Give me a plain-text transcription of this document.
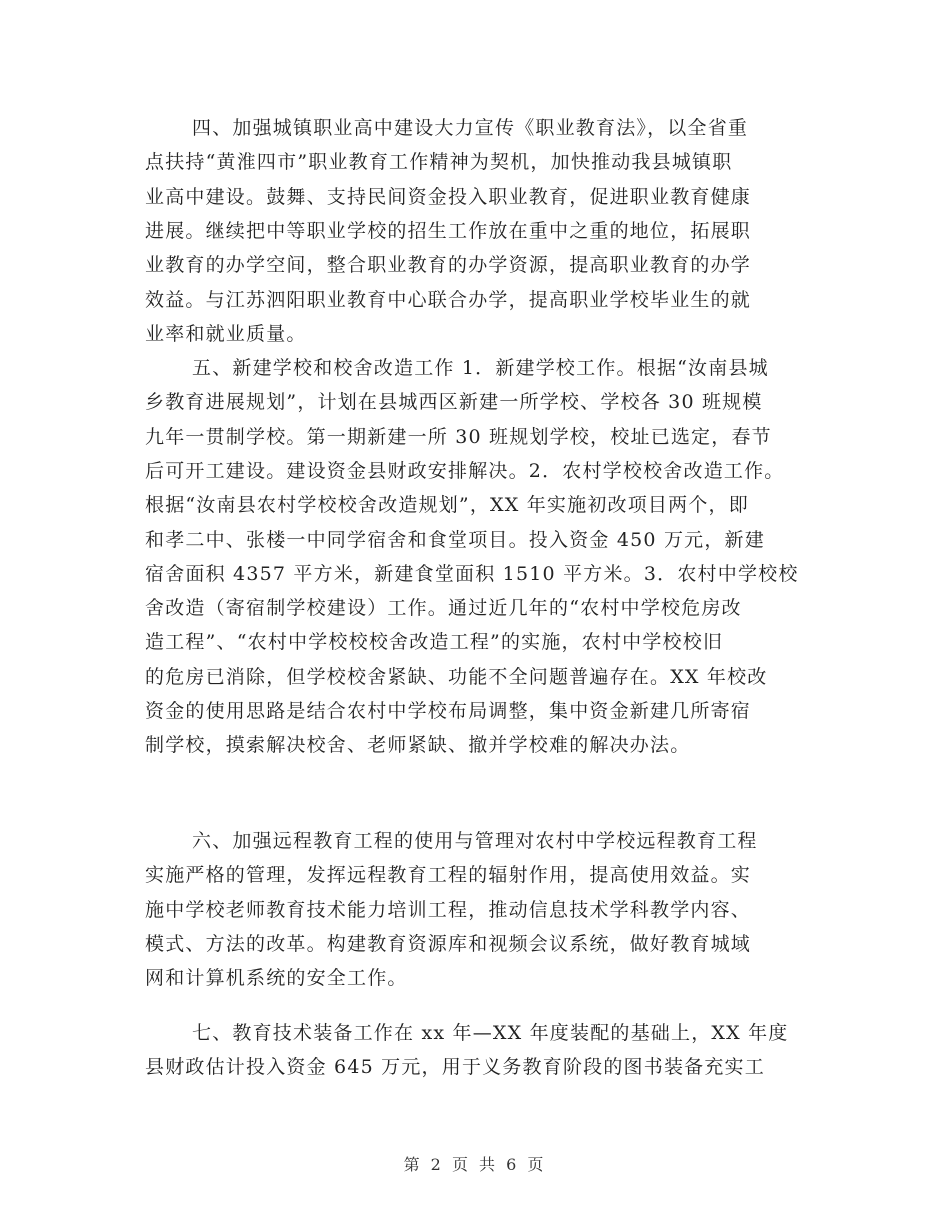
四、加强城镇职业高中建设大力宣传《职业教育法》，以全省重
点扶持“黄淮四市”职业教育工作精神为契机，加快推动我县城镇职
业高中建设。鼓舞、支持民间资金投入职业教育，促进职业教育健康
进展。继续把中等职业学校的招生工作放在重中之重的地位，拓展职
业教育的办学空间，整合职业教育的办学资源，提高职业教育的办学
效益。与江苏泗阳职业教育中心联合办学，提高职业学校毕业生的就
业率和就业质量。
五、新建学校和校舍改造工作 1．新建学校工作。根据“汝南县城
乡教育进展规划”，计划在县城西区新建一所学校、学校各 30 班规模
九年一贯制学校。第一期新建一所 30 班规划学校，校址已选定，春节
后可开工建设。建设资金县财政安排解决。2．农村学校校舍改造工作。
根据“汝南县农村学校校舍改造规划”，XX 年实施初改项目两个，即
和孝二中、张楼一中同学宿舍和食堂项目。投入资金 450 万元，新建
宿舍面积 4357 平方米，新建食堂面积 1510 平方米。3．农村中学校校
舍改造（寄宿制学校建设）工作。通过近几年的“农村中学校危房改
造工程”、“农村中学校校校舍改造工程”的实施，农村中学校校旧
的危房已消除，但学校校舍紧缺、功能不全问题普遍存在。XX 年校改
资金的使用思路是结合农村中学校布局调整，集中资金新建几所寄宿
制学校，摸索解决校舍、老师紧缺、撤并学校难的解决办法。
六、加强远程教育工程的使用与管理对农村中学校远程教育工程
实施严格的管理，发挥远程教育工程的辐射作用，提高使用效益。实
施中学校老师教育技术能力培训工程，推动信息技术学科教学内容、
模式、方法的改革。构建教育资源库和视频会议系统，做好教育城域
网和计算机系统的安全工作。
七、教育技术装备工作在 xx 年—XX 年度装配的基础上，XX 年度
县财政估计投入资金 645 万元，用于义务教育阶段的图书装备充实工
第 2 页 共 6 页
